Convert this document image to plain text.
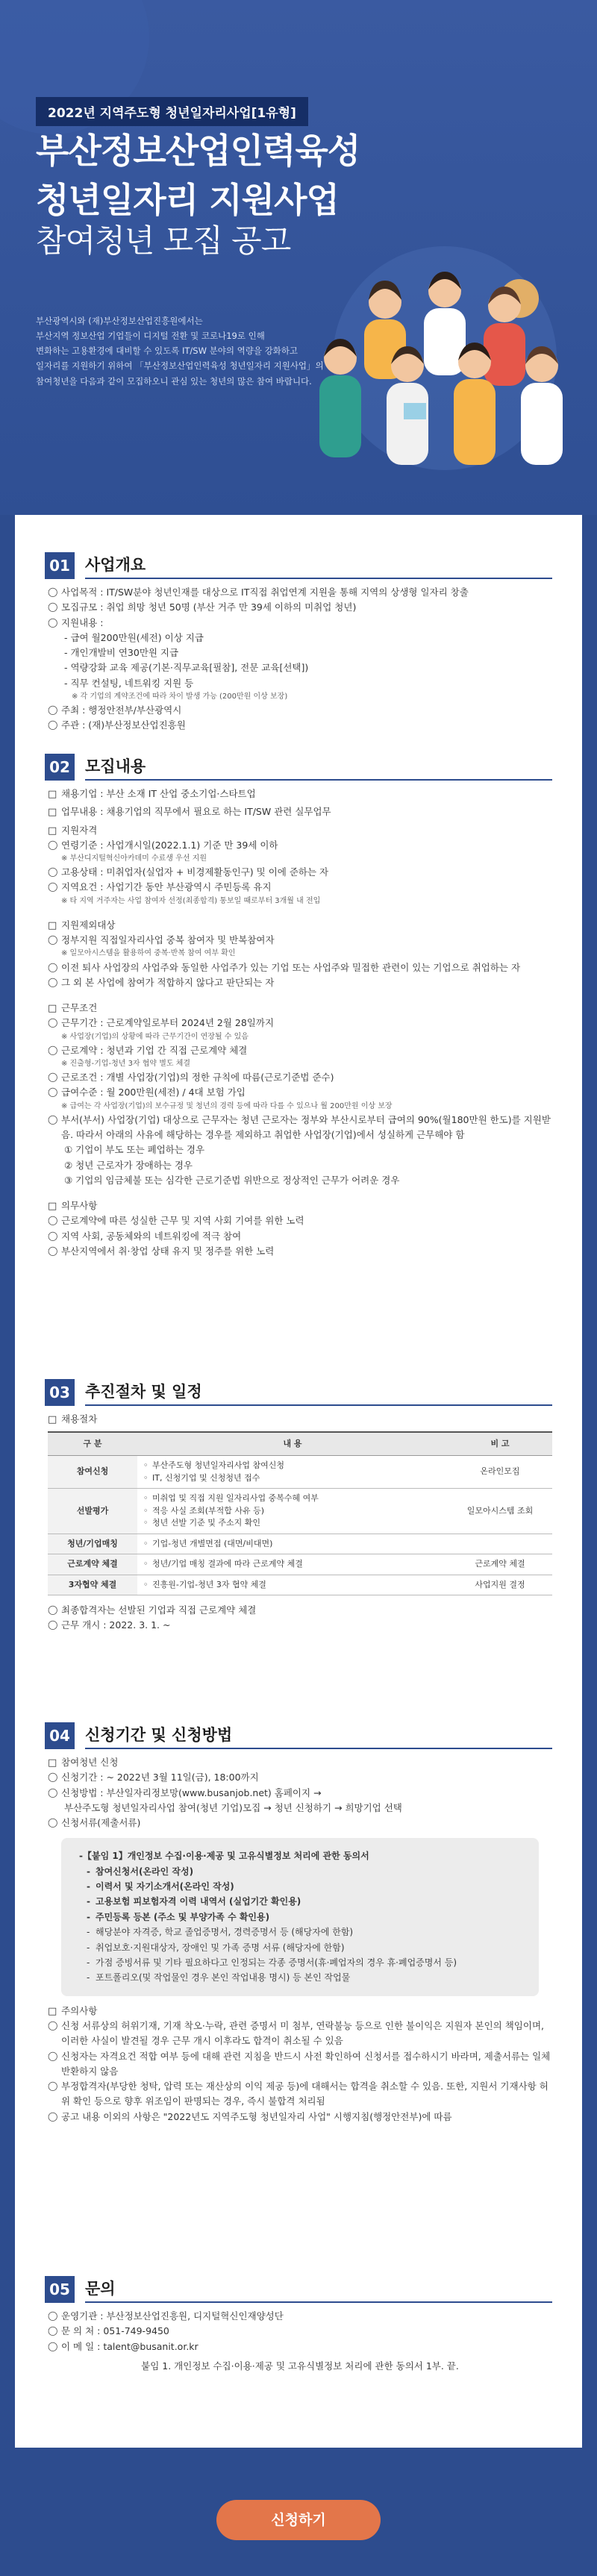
2022년 지역주도형 청년일자리사업[1유형]
부산정보산업인력육성
청년일자리 지원사업
참여청년 모집 공고

부산광역시와 (재)부산정보산업진흥원에서는

부산지역 정보산업 기업들이 디지털 전환 및 코로나19로 인해

변화하는 고용환경에 대비할 수 있도록 IT/SW 분야의 역량을 강화하고

일자리를 지원하기 위하여 「부산정보산업인력육성 청년일자리 지원사업」의

참여청년을 다음과 같이 모집하오니 관심 있는 청년의 많은 참여 바랍니다.

01 사업개요
◯ 사업목적 : IT/SW분야 청년인재를 대상으로 IT직접 취업연계 지원을 통해 지역의 상생형 일자리 창출
◯ 모집규모 : 취업 희망 청년 50명 (부산 거주 만 39세 이하의 미취업 청년)
◯ 지원내용 :
- 급여 월200만원(세전) 이상 지급
- 개인개발비 연30만원 지급
- 역량강화 교육 제공(기본·직무교육[필참], 전문 교육[선택])
- 직무 컨설팅, 네트워킹 지원 등
※ 각 기업의 계약조건에 따라 차이 발생 가능 (200만원 이상 보장)
◯ 주최 : 행정안전부/부산광역시
◯ 주관 : (재)부산정보산업진흥원
02 모집내용
□ 채용기업 : 부산 소재 IT 산업 중소기업·스타트업
□ 업무내용 : 채용기업의 직무에서 필요로 하는 IT/SW 관련 실무업무
□ 지원자격
◯ 연령기준 : 사업개시일(2022.1.1) 기준 만 39세 이하
※ 부산디지털혁신아카데미 수료생 우선 지원
◯ 고용상태 : 미취업자(실업자 + 비경제활동인구) 및 이에 준하는 자
◯ 지역요건 : 사업기간 동안 부산광역시 주민등록 유지
※ 타 지역 거주자는 사업 참여자 선정(최종합격) 통보일 때로부터 3개월 내 전입
□ 지원제외대상
◯ 정부지원 직접일자리사업 중복 참여자 및 반복참여자
※ 일모아시스템을 활용하여 중복·반복 참여 여부 확인
◯ 이전 퇴사 사업장의 사업주와 동일한 사업주가 있는 기업 또는 사업주와 밀접한 관련이 있는 기업으로 취업하는 자
◯ 그 외 본 사업에 참여가 적합하지 않다고 판단되는 자
□ 근무조건
◯ 근무기간 : 근로계약일로부터 2024년 2월 28일까지
※ 사업장(기업)의 상황에 따라 근무기간이 연장될 수 있음
◯ 근로계약 : 청년과 기업 간 직접 근로계약 체결
※ 진출형-기업-청년 3자 협약 별도 체결
◯ 근로조건 : 개별 사업장(기업)의 정한 규칙에 따름(근로기준법 준수)
◯ 급여수준 : 월 200만원(세전) / 4대 보험 가입
※ 급여는 각 사업장(기업)의 보수규정 및 청년의 경력 등에 따라 다를 수 있으나 월 200만원 이상 보장
◯ 부서(부서) 사업장(기업) 대상으로 근무자는 청년 근로자는 정부와 부산시로부터 급여의 90%(월180만원 한도)를 지원받음. 따라서 아래의 사유에 해당하는 경우를 제외하고 취업한 사업장(기업)에서 성실하게 근무해야 함
① 기업이 부도 또는 폐업하는 경우
② 청년 근로자가 장애하는 경우
③ 기업의 임금체불 또는 심각한 근로기준법 위반으로 정상적인 근무가 어려운 경우
□ 의무사항
◯ 근로계약에 따른 성실한 근무 및 지역 사회 기여를 위한 노력
◯ 지역 사회, 공동체와의 네트워킹에 적극 참여
◯ 부산지역에서 취·창업 상태 유지 및 정주를 위한 노력
03 추진절차 및 일정
□ 채용절차
구 분	내 용	비 고
참여신청	◦ 부산주도형 청년일자리사업 참여신청
◦ IT, 신청기업 및 신청청년 접수	온라인모집
선발평가	◦ 미취업 및 직접 지원 일자리사업 중복수혜 여부
◦ 적응 사실 조회(부적합 사유 등)
◦ 청년 선발 기준 및 주소지 확인	일모아시스템 조회
청년/기업매칭	◦ 기업-청년 개별면접 (대면/비대면)

근로계약 체결	◦ 청년/기업 매칭 결과에 따라 근로계약 체결	근로계약 체결
3자협약 체결	◦ 진흥원-기업-청년 3자 협약 체결	사업지원 결정
◯ 최종합격자는 선발된 기업과 직접 근로계약 체결
◯ 근무 개시 : 2022. 3. 1. ~
04 신청기간 및 신청방법
□ 참여청년 신청
◯ 신청기간 : ~ 2022년 3월 11일(금), 18:00까지
◯ 신청방법 : 부산일자리정보망(www.busanjob.net) 홈페이지 →
부산주도형 청년일자리사업 참여(청년 기업)모집 → 청년 신청하기 → 희망기업 선택
◯ 신청서류(제출서류)
-【붙임 1】개인정보 수집·이용·제공 및 고유식별정보 처리에 관한 동의서
- 참여신청서(온라인 작성)
- 이력서 및 자기소개서(온라인 작성)
- 고용보험 피보험자격 이력 내역서 (실업기간 확인용)
- 주민등록 등본 (주소 및 부양가족 수 확인용)
- 해당분야 자격증, 학교 졸업증명서, 경력증명서 등 (해당자에 한함)
- 취업보호·지원대상자, 장애인 및 가족 증명 서류 (해당자에 한함)
- 가점 증빙서류 및 기타 필요하다고 인정되는 각종 증명서(휴·폐업자의 경우 휴·폐업증명서 등)
- 포트폴리오(및 작업물인 경우 본인 작업내용 명시) 등 본인 작업물
□ 주의사항
◯ 신청 서류상의 허위기재, 기재 착오·누락, 관련 증명서 미 첨부, 연락불능 등으로 인한 불이익은 지원자 본인의 책임이며, 이러한 사실이 발견될 경우 근무 개시 이후라도 합격이 취소될 수 있음
◯ 신청자는 자격요건 적합 여부 등에 대해 관련 지침을 반드시 사전 확인하여 신청서를 접수하시기 바라며, 제출서류는 일체 반환하지 않음
◯ 부정합격자(부당한 청탁, 압력 또는 재산상의 이익 제공 등)에 대해서는 합격을 취소할 수 있음. 또한, 지원서 기재사항 허위 확인 등으로 향후 위조임이 판명되는 경우, 즉시 불합격 처리됨
◯ 공고 내용 이외의 사항은 "2022년도 지역주도형 청년일자리 사업" 시행지침(행정안전부)에 따름
05 문의
◯ 운영기관 : 부산정보산업진흥원, 디지털혁신인재양성단
◯ 문 의 처 : 051-749-9450
◯ 이 메 일 : talent@busanit.or.kr
붙임 1. 개인정보 수집·이용·제공 및 고유식별정보 처리에 관한 동의서 1부. 끝.
신청하기
